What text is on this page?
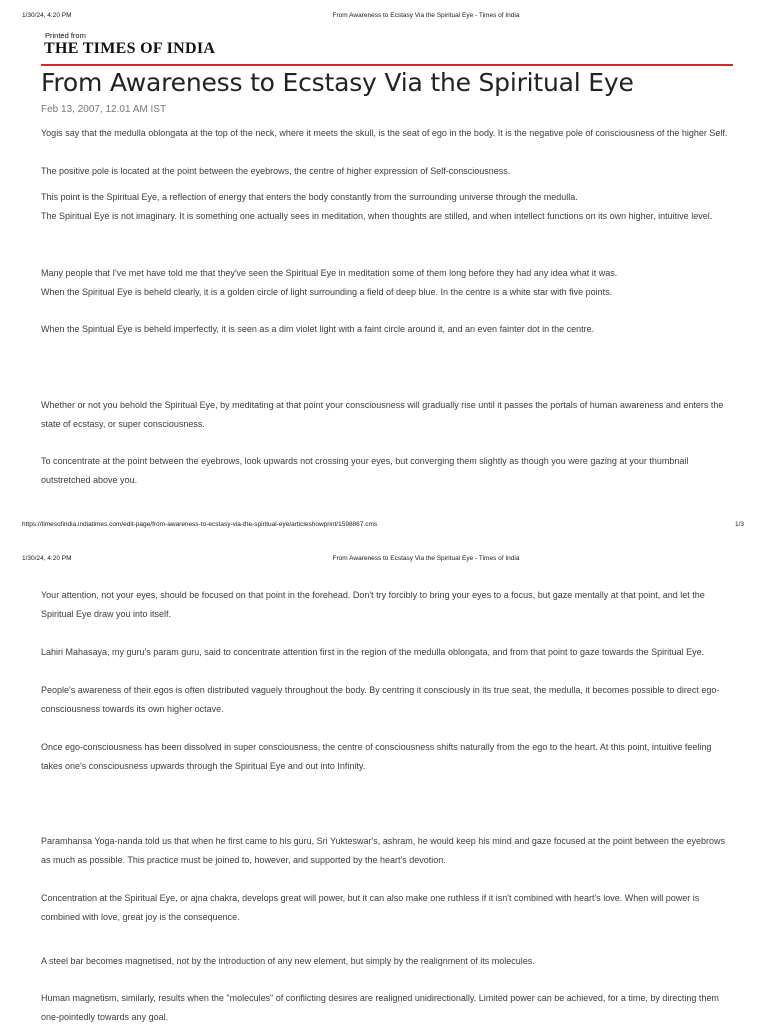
1/30/24, 4:20 PM	From Awareness to Ecstasy Via the Spiritual Eye - Times of India
Printed from
THE TIMES OF INDIA
From Awareness to Ecstasy Via the Spiritual Eye
Feb 13, 2007, 12.01 AM IST

Yogis say that the medulla oblongata at the top of the neck, where it meets the skull, is the seat of ego in the body. It is the negative pole of consciousness of the higher Self.

The positive pole is located at the point between the eyebrows, the centre of higher expression of Self-consciousness.

This point is the Spiritual Eye, a reflection of energy that enters the body constantly from the surrounding universe through the medulla.

The Spiritual Eye is not imaginary. It is something one actually sees in meditation, when thoughts are stilled, and when intellect functions on its own higher, intuitive level.

Many people that I've met have told me that they've seen the Spiritual Eye in meditation some of them long before they had any idea what it was.

When the Spiritual Eye is beheld clearly, it is a golden circle of light surrounding a field of deep blue. In the centre is a white star with five points.

When the Spiritual Eye is beheld imperfectly, it is seen as a dim violet light with a faint circle around it, and an even fainter dot in the centre.

Whether or not you behold the Spiritual Eye, by meditating at that point your consciousness will gradually rise until it passes the portals of human awareness and enters the state of ecstasy, or super consciousness.

To concentrate at the point between the eyebrows, look upwards not crossing your eyes, but converging them slightly as though you were gazing at your thumbnail outstretched above you.

https://timesofindia.indiatimes.com/edit-page/from-awareness-to-ecstasy-via-the-spiritual-eye/articleshowprint/1598867.cms	1/3
1/30/24, 4:20 PM	From Awareness to Ecstasy Via the Spiritual Eye - Times of India

Your attention, not your eyes, should be focused on that point in the forehead. Don't try forcibly to bring your eyes to a focus, but gaze mentally at that point, and let the Spiritual Eye draw you into itself.

Lahiri Mahasaya, my guru's param guru, said to concentrate attention first in the region of the medulla oblongata, and from that point to gaze towards the Spiritual Eye.

People's awareness of their egos is often distributed vaguely throughout the body. By centring it consciously in its true seat, the medulla, it becomes possible to direct ego-consciousness towards its own higher octave.

Once ego-consciousness has been dissolved in super consciousness, the centre of consciousness shifts naturally from the ego to the heart. At this point, intuitive feeling takes one's consciousness upwards through the Spiritual Eye and out into Infinity.

Paramhansa Yoga-nanda told us that when he first came to his guru, Sri Yukteswar's, ashram, he would keep his mind and gaze focused at the point between the eyebrows as much as possible. This practice must be joined to, however, and supported by the heart's devotion.

Concentration at the Spiritual Eye, or ajna chakra, develops great will power, but it can also make one ruthless if it isn't combined with heart's love. When will power is combined with love, great joy is the consequence.

A steel bar becomes magnetised, not by the introduction of any new element, but simply by the realignment of its molecules.

Human magnetism, similarly, results when the "molecules" of conflicting desires are realigned unidirectionally. Limited power can be achieved, for a time, by directing them one-pointedly towards any goal.
